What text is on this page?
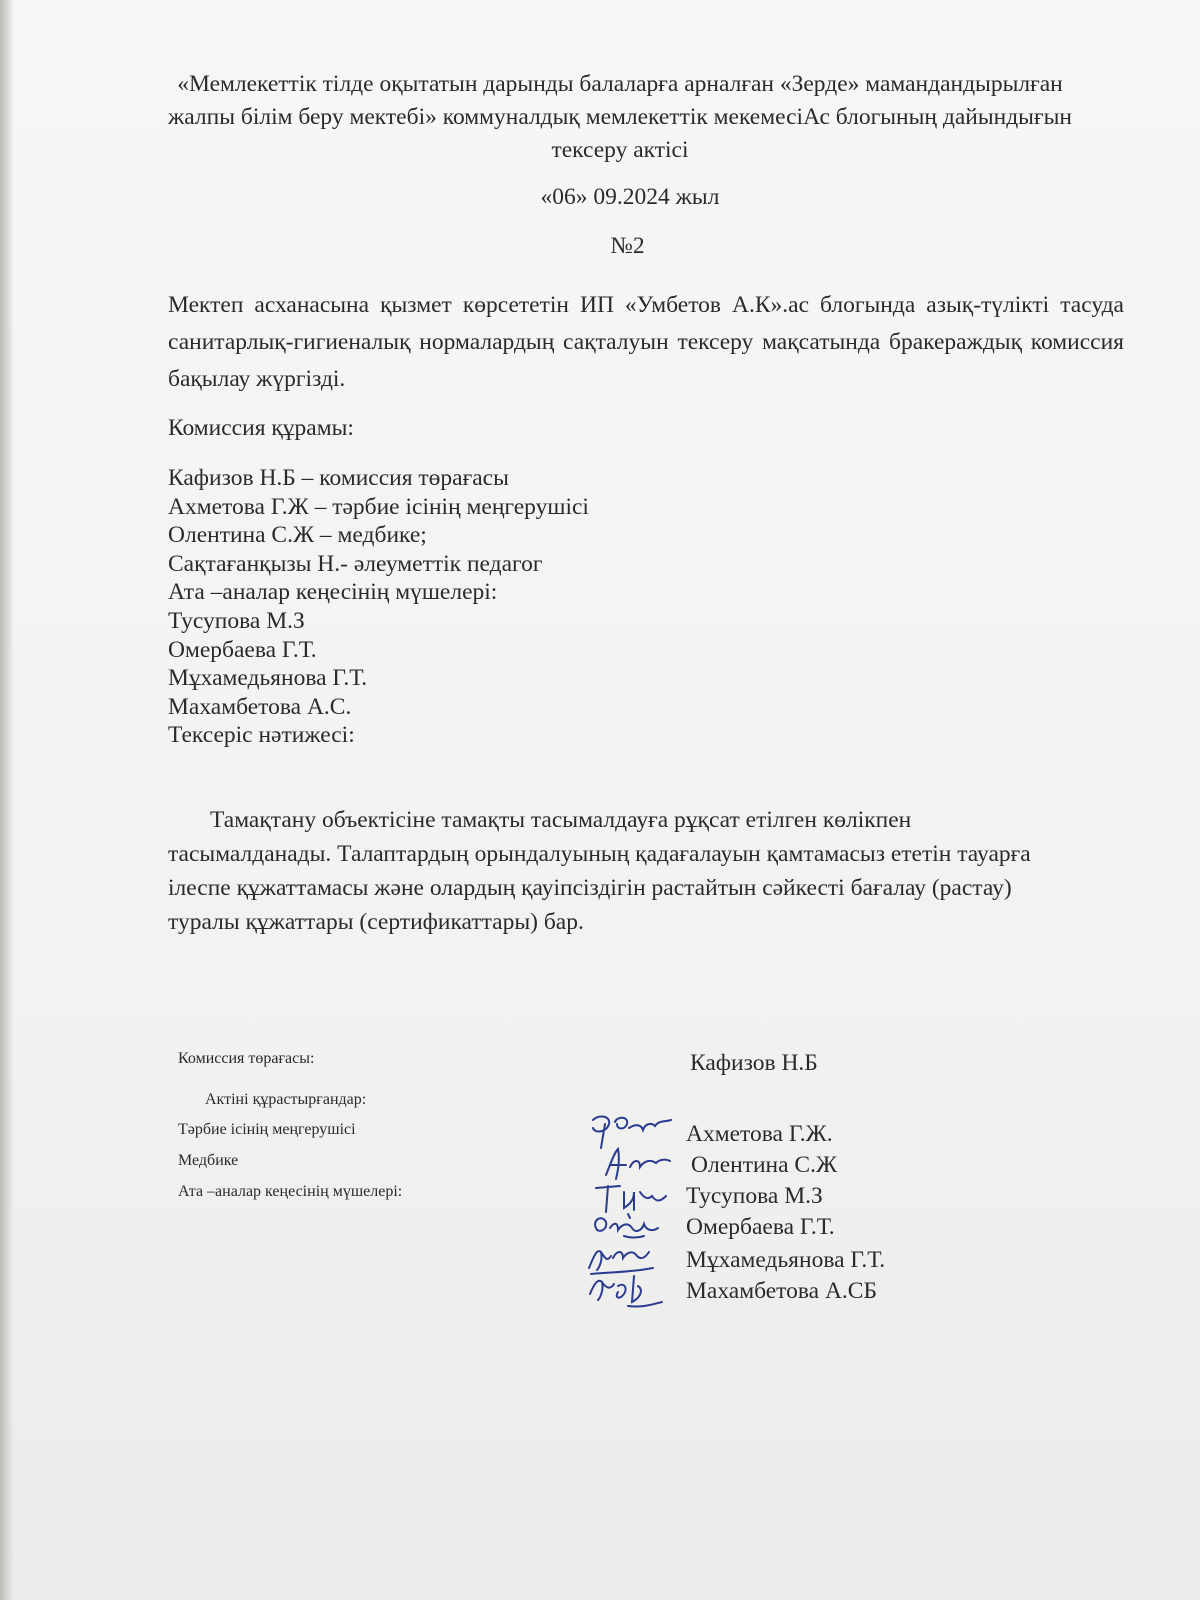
«Мемлекеттік тілде оқытатын дарынды балаларға арналған «Зерде» мамандандырылған жалпы білім беру мектебі» коммуналдық мемлекеттік мекемесіАс блогының дайындығын тексеру актісі
«06» 09.2024 жыл
№2

Мектеп асханасына қызмет көрсететін ИП «Умбетов А.К».ас блогында азық-түлікті тасуда санитарлық-гигиеналық нормалардың сақталуын тексеру мақсатында бракераждық комиссия бақылау жүргізді.

Комиссия құрамы:
Кафизов Н.Б – комиссия төрағасы
Ахметова Г.Ж – тәрбие ісінің меңгерушісі
Олентина С.Ж – медбике;
Сақтағанқызы Н.- әлеуметтік педагог
Ата –аналар кеңесінің мүшелері:
Тусупова М.З
Омербаева Г.Т.
Мұхамедьянова Г.Т.
Махамбетова А.С.
Тексеріс нәтижесі:

Тамақтану объектісіне тамақты тасымалдауға рұқсат етілген көлікпен тасымалданады. Талаптардың орындалуының қадағалауын қамтамасыз ететін тауарға ілеспе құжаттамасы және олардың қауіпсіздігін растайтын сәйкесті бағалау (растау) туралы құжаттары (сертификаттары) бар.

Комиссия төрағасы:	Кафизов Н.Б
Актіні құрастырғандар:
Тәрбие ісінің меңгерушісі	Ахметова Г.Ж.
Медбике	Олентина С.Ж
Ата –аналар кеңесінің мүшелері:	Тусупова М.З
Омербаева Г.Т.
Мұхамедьянова Г.Т.
Махамбетова А.СБ
